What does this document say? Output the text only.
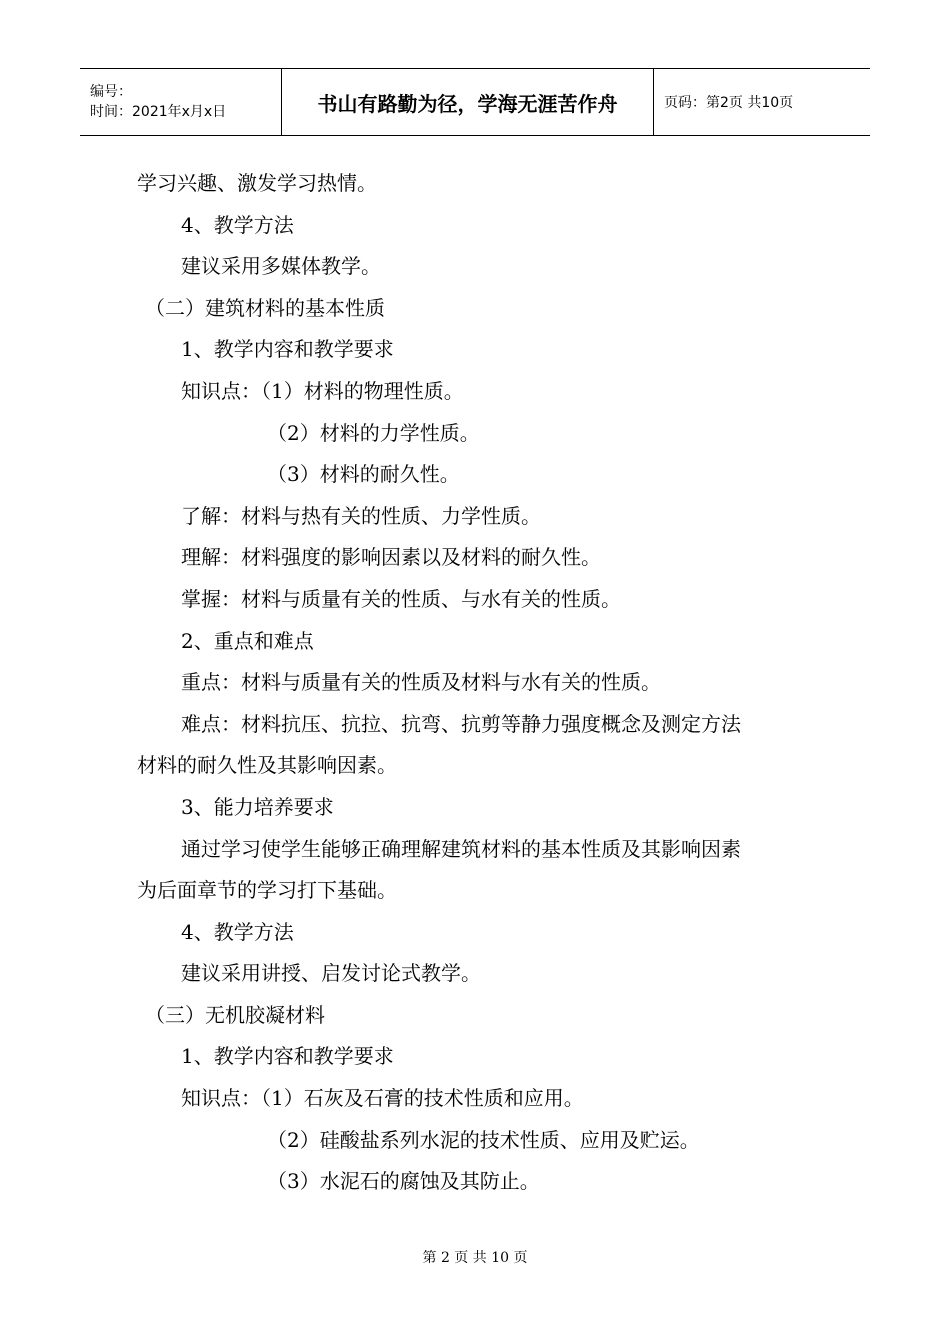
编号：
时间：2021年x月x日	书山有路勤为径，学海无涯苦作舟	页码：第2页 共10页
学习兴趣、激发学习热情。
4、教学方法
建议采用多媒体教学。
（二）建筑材料的基本性质
1、教学内容和教学要求
知识点：（1）材料的物理性质。
（2）材料的力学性质。
（3）材料的耐久性。
了解：材料与热有关的性质、力学性质。
理解：材料强度的影响因素以及材料的耐久性。
掌握：材料与质量有关的性质、与水有关的性质。
2、重点和难点
重点：材料与质量有关的性质及材料与水有关的性质。
难点：材料抗压、抗拉、抗弯、抗剪等静力强度概念及测定方法
材料的耐久性及其影响因素。
3、能力培养要求
通过学习使学生能够正确理解建筑材料的基本性质及其影响因素
为后面章节的学习打下基础。
4、教学方法
建议采用讲授、启发讨论式教学。
（三）无机胶凝材料
1、教学内容和教学要求
知识点：（1）石灰及石膏的技术性质和应用。
（2）硅酸盐系列水泥的技术性质、应用及贮运。
（3）水泥石的腐蚀及其防止。
第 2 页 共 10 页
